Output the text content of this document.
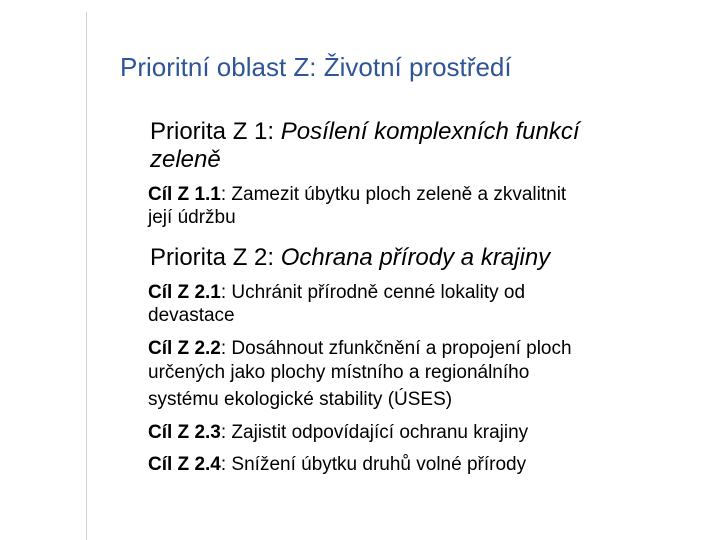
Prioritní oblast Z: Životní prostředí
Priorita Z 1: Posílení komplexních funkcí
zeleně
Cíl Z 1.1: Zamezit úbytku ploch zeleně a zkvalitnit
její údržbu
Priorita Z 2: Ochrana přírody a krajiny
Cíl Z 2.1: Uchránit přírodně cenné lokality od
devastace
Cíl Z 2.2: Dosáhnout zfunkčnění a propojení ploch
určených jako plochy místního a regionálního
systému ekologické stability (ÚSES)
Cíl Z 2.3: Zajistit odpovídající ochranu krajiny
Cíl Z 2.4: Snížení úbytku druhů volné přírody
